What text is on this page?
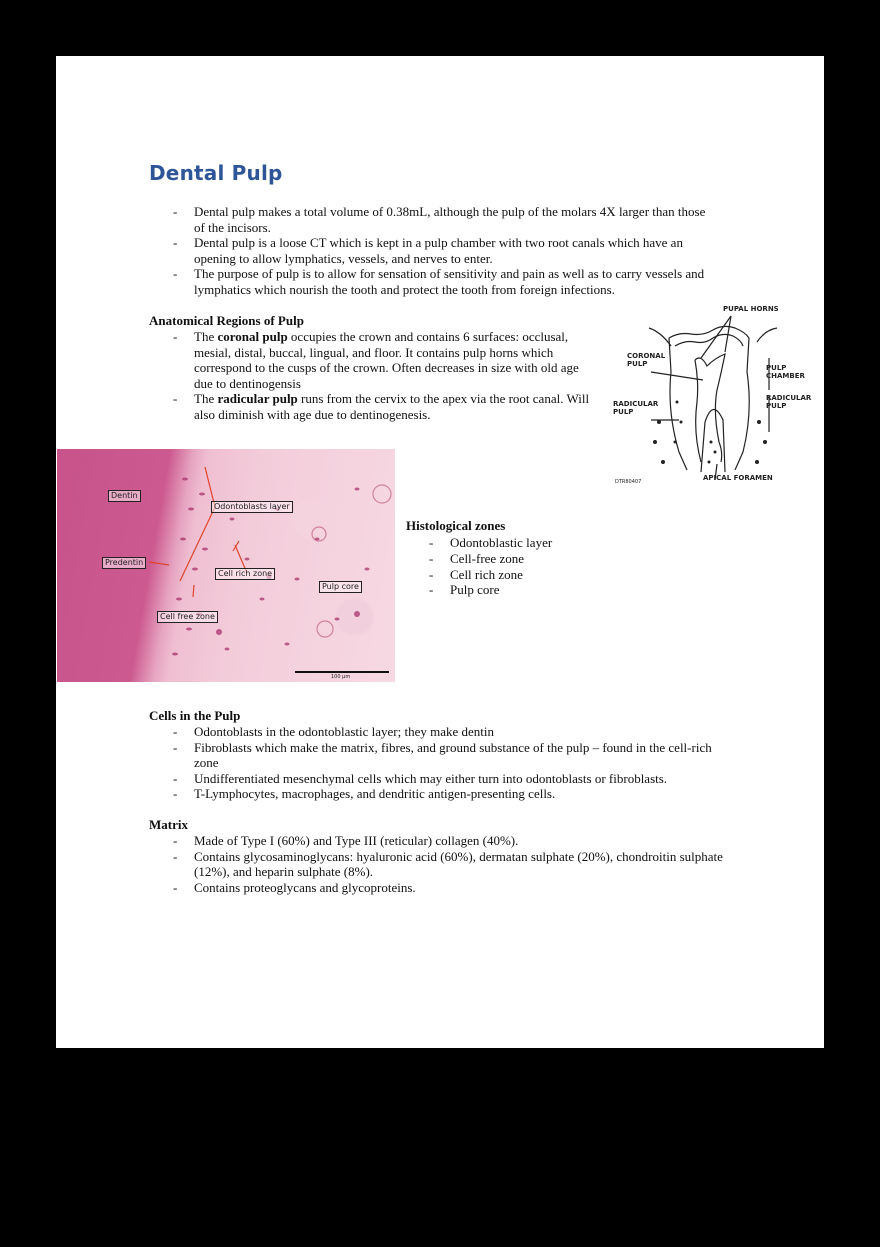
Dental Pulp
- Dental pulp makes a total volume of 0.38mL, although the pulp of the molars 4X larger than those of the incisors.
- Dental pulp is a loose CT which is kept in a pulp chamber with two root canals which have an opening to allow lymphatics, vessels, and nerves to enter.
- The purpose of pulp is to allow for sensation of sensitivity and pain as well as to carry vessels and lymphatics which nourish the tooth and protect the tooth from foreign infections.
Anatomical Regions of Pulp
- The coronal pulp occupies the crown and contains 6 surfaces: occlusal, mesial, distal, buccal, lingual, and floor. It contains pulp horns which correspond to the cusps of the crown. Often decreases in size with old age due to dentinogensis
- The radicular pulp runs from the cervix to the apex via the root canal. Will also diminish with age due to dentinogenesis.
PUPAL HORNS
CORONAL
PULP	PULP
CHAMBER
RADICULAR
PULP
RADICULAR
PULP
APICAL FORAMEN
DTR80407
Dentin
Odontoblasts layer
Predentin
Cell rich zone
Pulp core
Cell free zone
100 µm
Histological zones
- Odontoblastic layer
- Cell-free zone
- Cell rich zone
- Pulp core
Cells in the Pulp
- Odontoblasts in the odontoblastic layer; they make dentin
- Fibroblasts which make the matrix, fibres, and ground substance of the pulp – found in the cell-rich zone
- Undifferentiated mesenchymal cells which may either turn into odontoblasts or fibroblasts.
- T-Lymphocytes, macrophages, and dendritic antigen-presenting cells.
Matrix
- Made of Type I (60%) and Type III (reticular) collagen (40%).
- Contains glycosaminoglycans: hyaluronic acid (60%), dermatan sulphate (20%), chondroitin sulphate (12%), and heparin sulphate (8%).
- Contains proteoglycans and glycoproteins.
